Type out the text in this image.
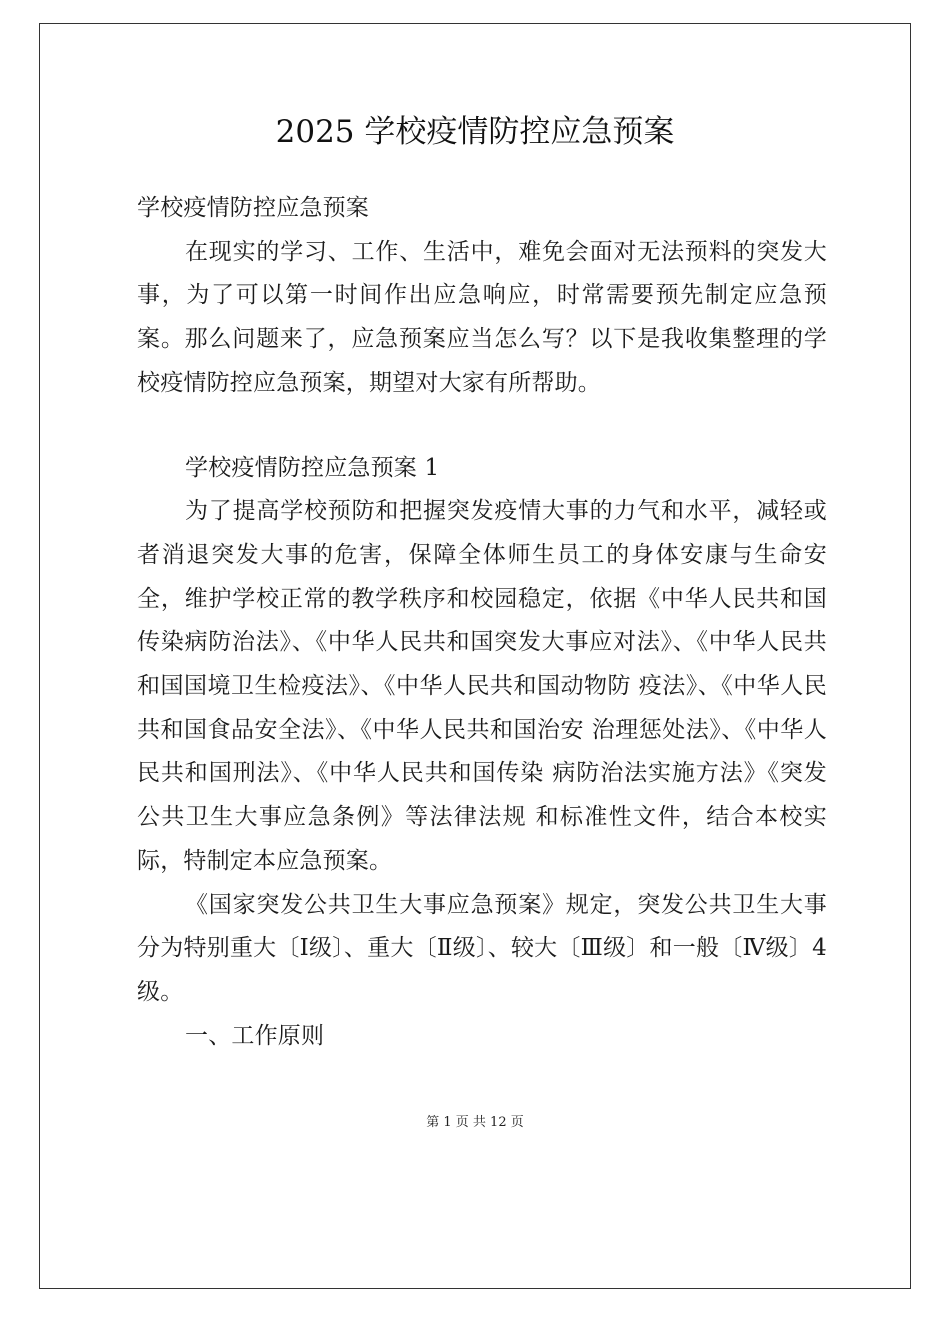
2025 学校疫情防控应急预案

学校疫情防控应急预案

在现实的学习、工作、生活中，难免会面对无法预料的突发大事，为了可以第一时间作出应急响应，时常需要预先制定应急预案。那么问题来了，应急预案应当怎么写？以下是我收集整理的学校疫情防控应急预案，期望对大家有所帮助。

学校疫情防控应急预案 1

为了提高学校预防和把握突发疫情大事的力气和水平，减轻或者消退突发大事的危害，保障全体师生员工的身体安康与生命安全，维护学校正常的教学秩序和校园稳定，依据《中华人民共和国传染病防治法》、《中华人民共和国突发大事应对法》、《中华人民共和国国境卫生检疫法》、《中华人民共和国动物防 疫法》、《中华人民共和国食品安全法》、《中华人民共和国治安 治理惩处法》、《中华人民共和国刑法》、《中华人民共和国传染 病防治法实施方法》《突发公共卫生大事应急条例》等法律法规 和标准性文件，结合本校实际，特制定本应急预案。

《国家突发公共卫生大事应急预案》规定，突发公共卫生大事分为特别重大〔Ⅰ级〕、重大〔Ⅱ级〕、较大〔Ⅲ级〕和一般〔Ⅳ级〕4 级。

一、工作原则

第 1 页 共 12 页
